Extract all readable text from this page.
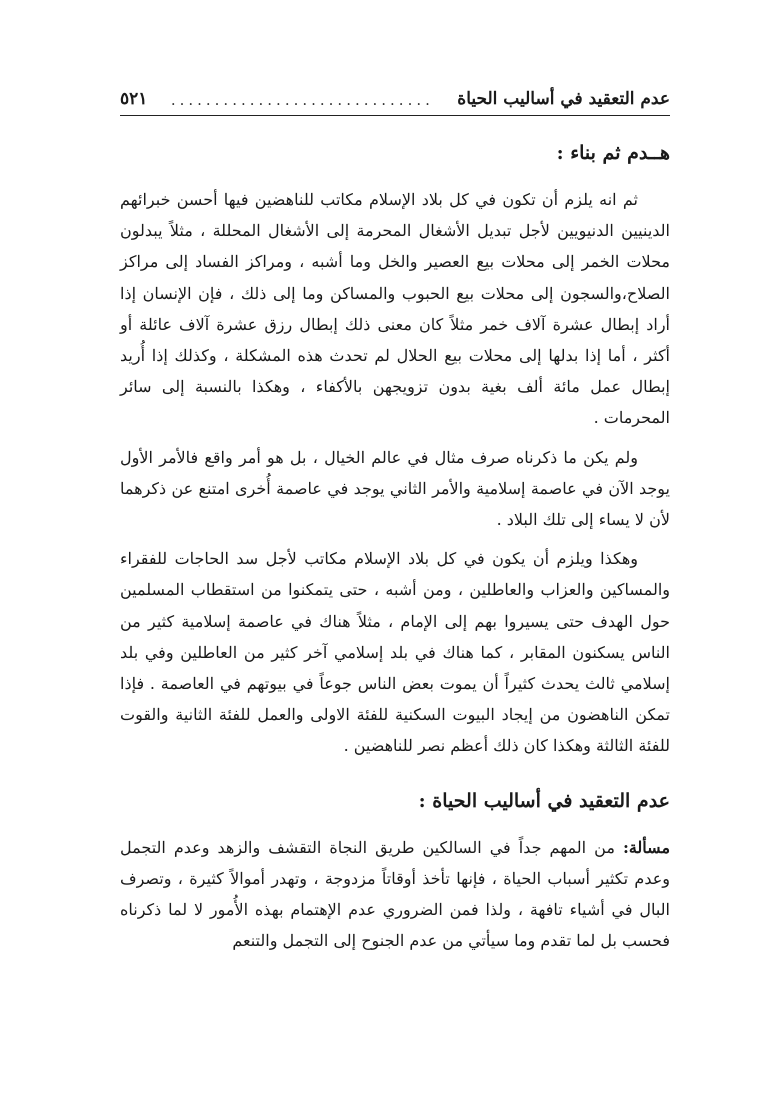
عدم التعقيد في أساليب الحياة
..............................
٥٢١
هــدم ثم بناء :

ثم انه يلزم أن تكون في كل بلاد الإسلام مكاتب للناهضين فيها أحسن خبرائهم الدينيين الدنيويين لأجل تبديل الأشغال المحرمة إلى الأشغال المحللة ، مثلاً يبدلون محلات الخمر إلى محلات بيع العصير والخل وما أشبه ، ومراكز الفساد إلى مراكز الصلاح،والسجون إلى محلات بيع الحبوب والمساكن وما إلى ذلك ، فإن الإنسان إذا أراد إبطال عشرة آلاف خمر مثلاً كان معنى ذلك إبطال رزق عشرة آلاف عائلة أو أكثر ، أما إذا بدلها إلى محلات بيع الحلال لم تحدث هذه المشكلة ، وكذلك إذا أُريد إبطال عمل مائة ألف بغية بدون تزويجهن بالأكفاء ، وهكذا بالنسبة إلى سائر المحرمات .

ولم يكن ما ذكرناه صرف مثال في عالم الخيال ، بل هو أمر واقع فالأمر الأول يوجد الآن في عاصمة إسلامية والأمر الثاني يوجد في عاصمة أُخرى امتنع عن ذكرهما لأن لا يساء إلى تلك البلاد .

وهكذا ويلزم أن يكون في كل بلاد الإسلام مكاتب لأجل سد الحاجات للفقراء والمساكين والعزاب والعاطلين ، ومن أشبه ، حتى يتمكنوا من استقطاب المسلمين حول الهدف حتى يسيروا بهم إلى الإمام ، مثلاً هناك في عاصمة إسلامية كثير من الناس يسكنون المقابر ، كما هناك في بلد إسلامي آخر كثير من العاطلين وفي بلد إسلامي ثالث يحدث كثيراً أن يموت بعض الناس جوعاً في بيوتهم في العاصمة . فإذا تمكن الناهضون من إيجاد البيوت السكنية للفئة الاولى والعمل للفئة الثانية والقوت للفئة الثالثة وهكذا كان ذلك أعظم نصر للناهضين .

عدم التعقيد في أساليب الحياة :

مسألة: من المهم جداً في السالكين طريق النجاة التقشف والزهد وعدم التجمل وعدم تكثير أسباب الحياة ، فإنها تأخذ أوقاتاً مزدوجة ، وتهدر أموالاً كثيرة ، وتصرف البال في أشياء تافهة ، ولذا فمن الضروري عدم الإهتمام بهذه الأُمور لا لما ذكرناه فحسب بل لما تقدم وما سيأتي من عدم الجنوح إلى التجمل والتنعم
